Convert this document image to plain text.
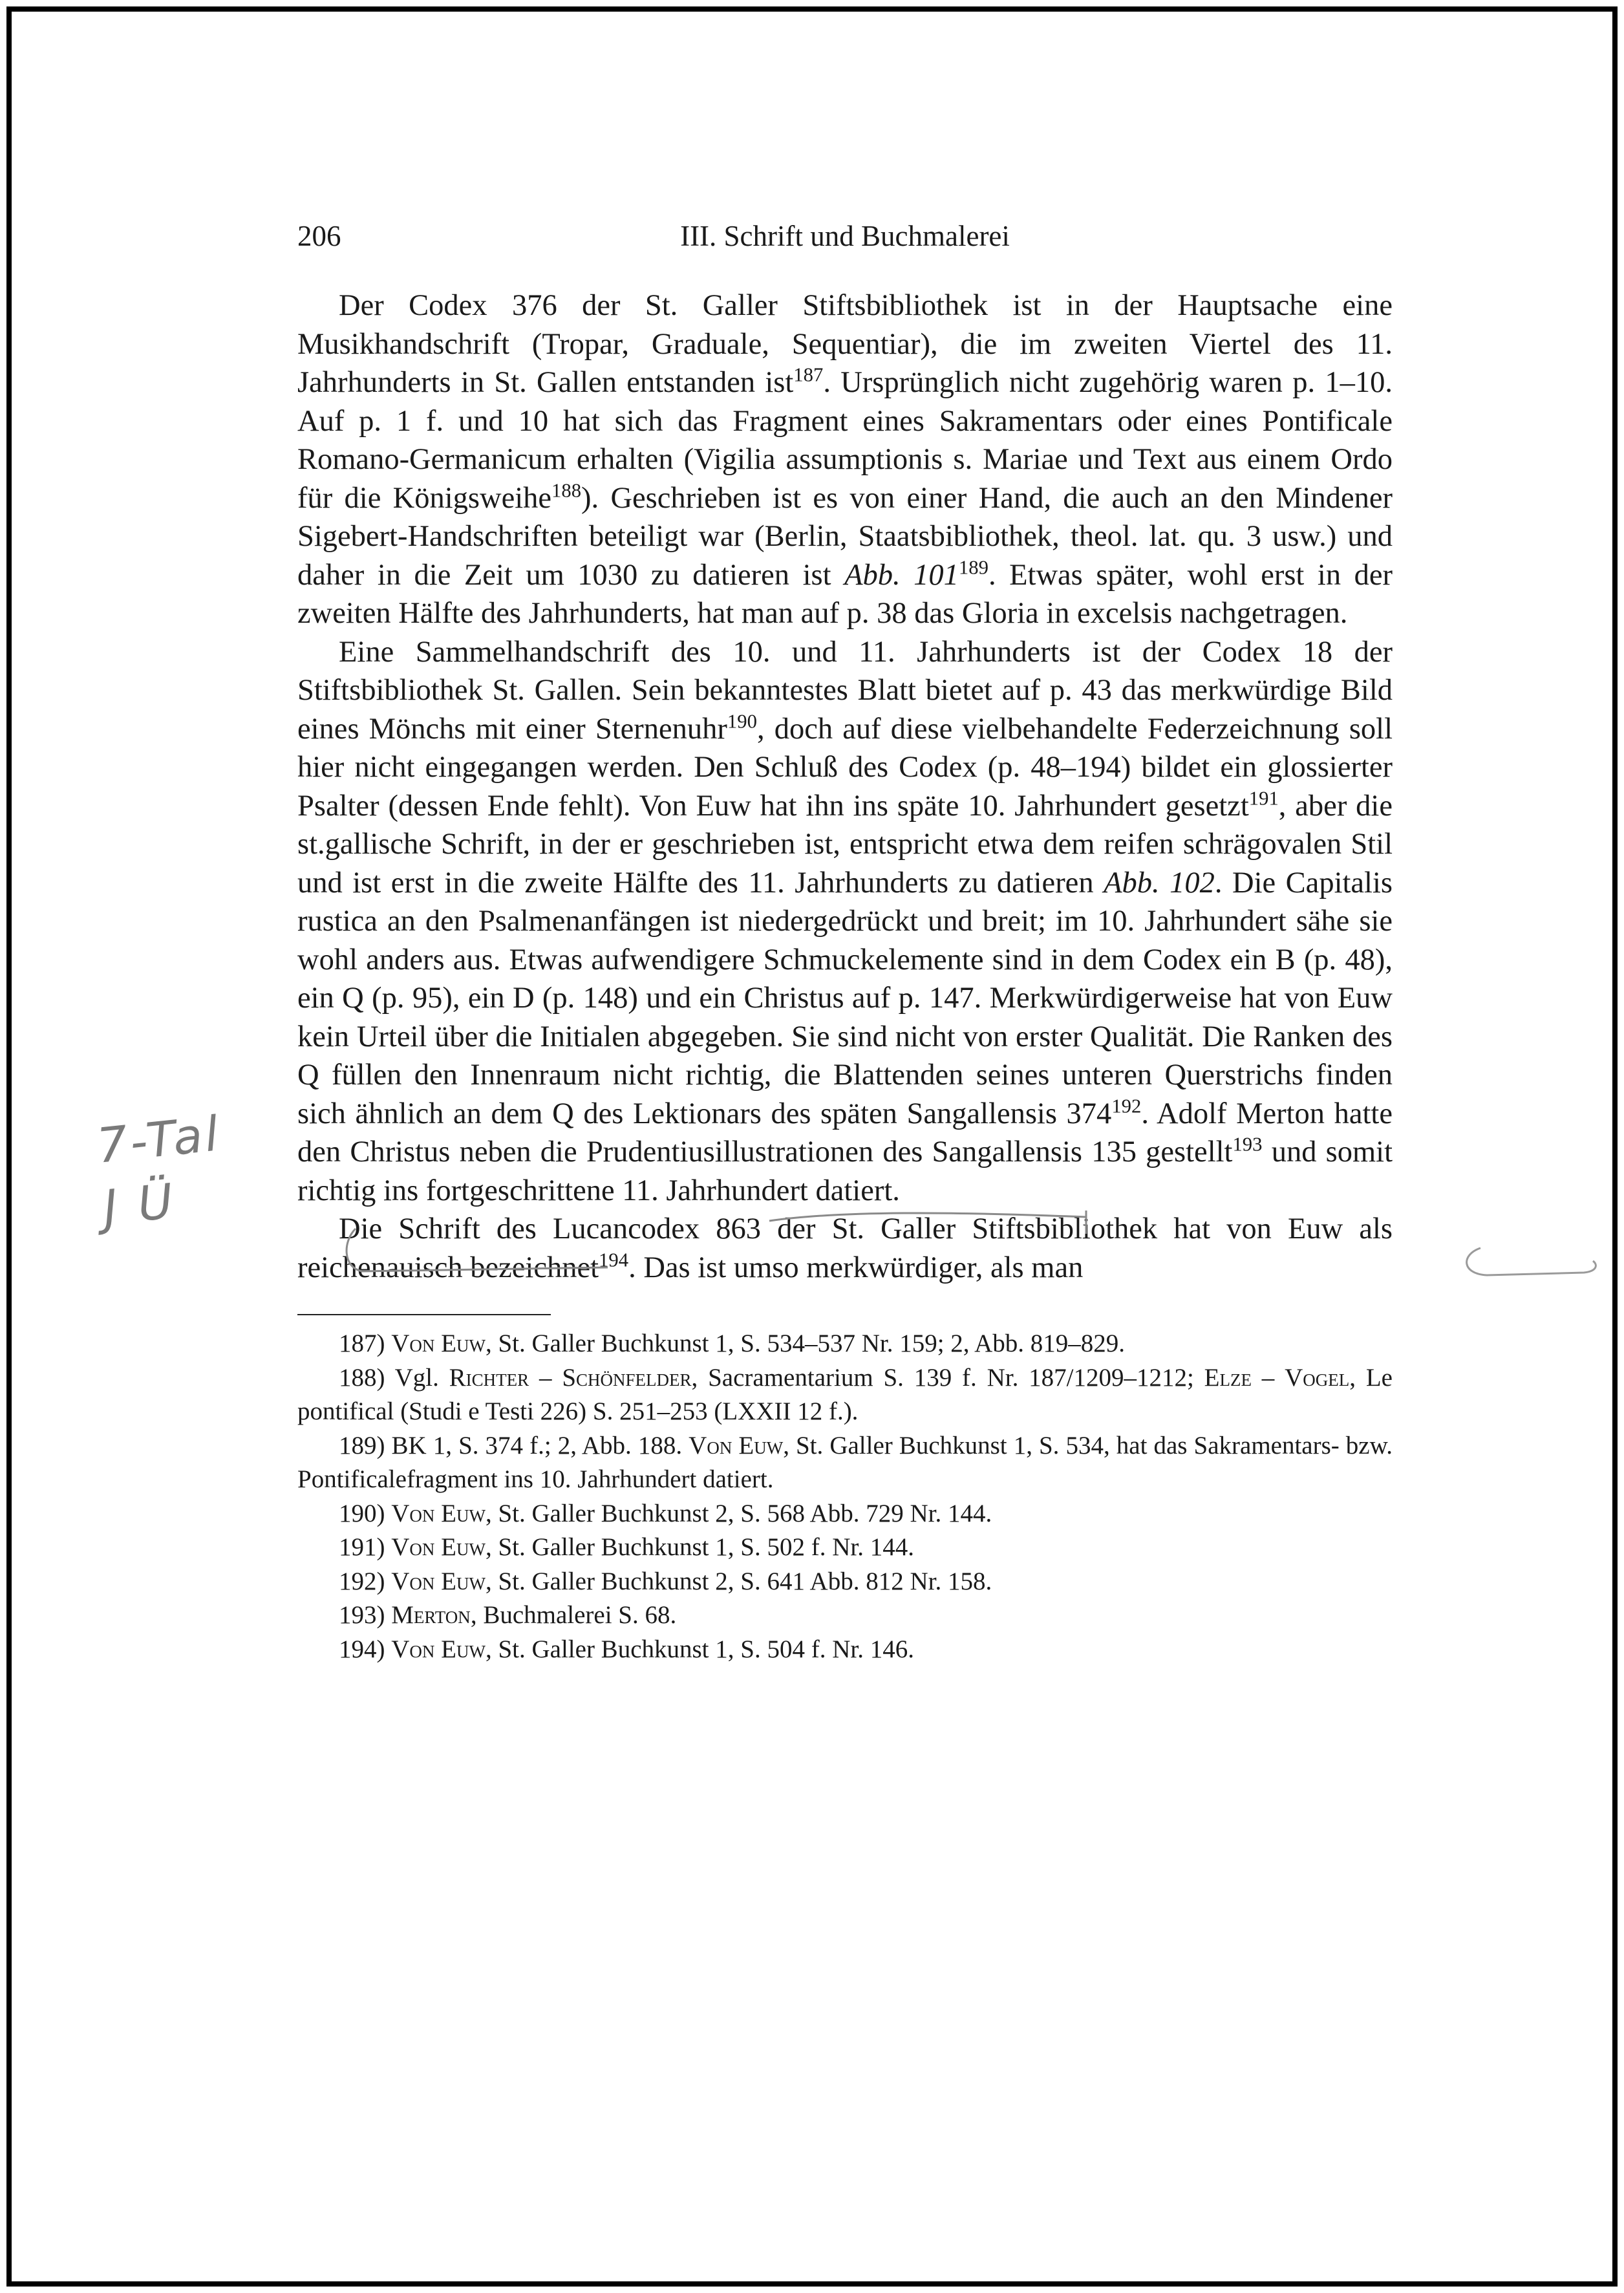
206	III. Schrift und Buchmalerei

Der Codex 376 der St. Galler Stiftsbibliothek ist in der Hauptsache eine Musikhandschrift (Tropar, Graduale, Sequentiar), die im zweiten Viertel des 11. Jahrhunderts in St. Gallen entstanden ist$^{187}$. Ursprünglich nicht zugehörig waren p. 1–10. Auf p. 1 f. und 10 hat sich das Fragment eines Sakramentars oder eines Pontificale Romano-Germanicum erhalten (Vigilia assumptionis s. Mariae und Text aus einem Ordo für die Königsweihe$^{188}$). Geschrieben ist es von einer Hand, die auch an den Mindener Sigebert-Handschriften beteiligt war (Berlin, Staatsbibliothek, theol. lat. qu. 3 usw.) und daher in die Zeit um 1030 zu datieren ist Abb. $101^{189}$. Etwas später, wohl erst in der zweiten Hälfte des Jahrhunderts, hat man auf p. 38 das Gloria in excelsis nachgetragen.

Eine Sammelhandschrift des 10. und 11. Jahrhunderts ist der Codex 18 der Stiftsbibliothek St. Gallen. Sein bekanntestes Blatt bietet auf p. 43 das merkwürdige Bild eines Mönchs mit einer Sternenuhr$^{190}$, doch auf diese vielbehandelte Federzeichnung soll hier nicht eingegangen werden. Den Schluß des Codex (p. 48–194) bildet ein glossierter Psalter (dessen Ende fehlt). Von Euw hat ihn ins späte 10. Jahrhundert gesetzt$^{191}$, aber die st.gallische Schrift, in der er geschrieben ist, entspricht etwa dem reifen schrägovalen Stil und ist erst in die zweite Hälfte des 11. Jahrhunderts zu datieren Abb. 102. Die Capitalis rustica an den Psalmenanfängen ist niedergedrückt und breit; im 10. Jahrhundert sähe sie wohl anders aus. Etwas aufwendigere Schmuckelemente sind in dem Codex ein B (p. 48), ein Q (p. 95), ein D (p. 148) und ein Christus auf p. 147. Merkwürdigerweise hat von Euw kein Urteil über die Initialen abgegeben. Sie sind nicht von erster Qualität. Die Ranken des Q füllen den Innenraum nicht richtig, die Blattenden seines unteren Querstrichs finden sich ähnlich an dem Q des Lektionars des späten Sangallensis $374^{192}$. Adolf Merton hatte den Christus neben die Prudentiusillustrationen des Sangallensis 135 gestellt$^{193}$ und somit richtig ins fortgeschrittene 11. Jahrhundert datiert.

Die Schrift des Lucancodex 863 der St. Galler Stiftsbibliothek hat von Euw als reichenauisch bezeichnet$^{194}$. Das ist umso merkwürdiger, als man

187) Von Euw, St. Galler Buchkunst 1, S. 534–537 Nr. 159; 2, Abb. 819–829.

188) Vgl. Richter – Schönfelder, Sacramentarium S. 139 f. Nr. 187/1209–1212; Elze – Vogel, Le pontifical (Studi e Testi 226) S. 251–253 (LXXII 12 f.).

189) BK 1, S. 374 f.; 2, Abb. 188. Von Euw, St. Galler Buchkunst 1, S. 534, hat das Sakramentars- bzw. Pontificalefragment ins 10. Jahrhundert datiert.

190) Von Euw, St. Galler Buchkunst 2, S. 568 Abb. 729 Nr. 144.

191) Von Euw, St. Galler Buchkunst 1, S. 502 f. Nr. 144.

192) Von Euw, St. Galler Buchkunst 2, S. 641 Abb. 812 Nr. 158.

193) Merton, Buchmalerei S. 68.

194) Von Euw, St. Galler Buchkunst 1, S. 504 f. Nr. 146.

7-Tal
J Ü
